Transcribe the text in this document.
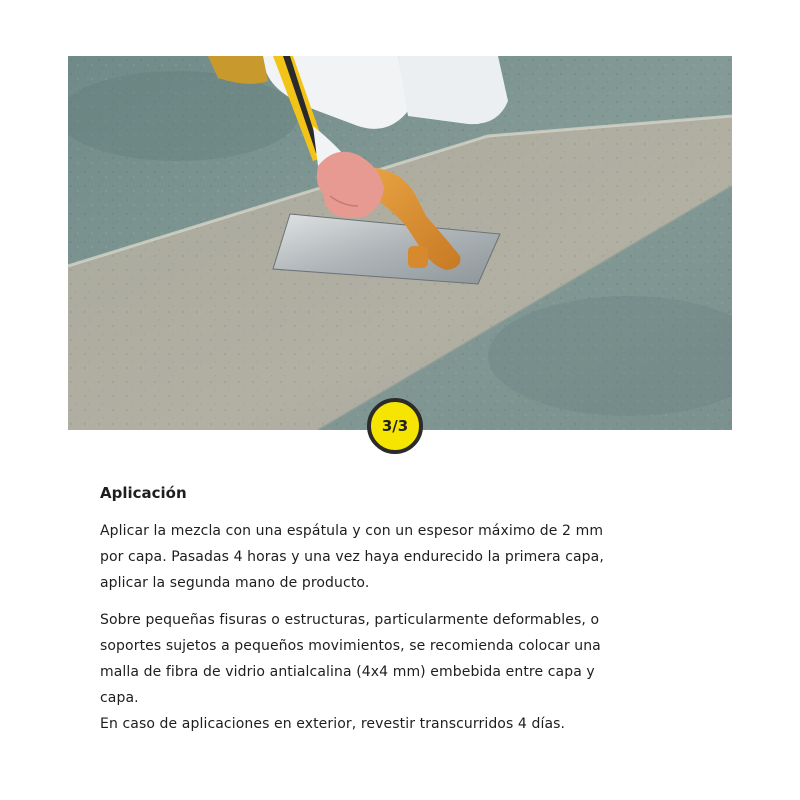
3/3
Aplicación
Aplicar la mezcla con una espátula y con un espesor máximo de 2 mm
por capa. Pasadas 4 horas y una vez haya endurecido la primera capa,
aplicar la segunda mano de producto.
Sobre pequeñas fisuras o estructuras, particularmente deformables, o
soportes sujetos a pequeños movimientos, se recomienda colocar una
malla de fibra de vidrio antialcalina (4x4 mm) embebida entre capa y
capa.
En caso de aplicaciones en exterior, revestir transcurridos 4 días.
